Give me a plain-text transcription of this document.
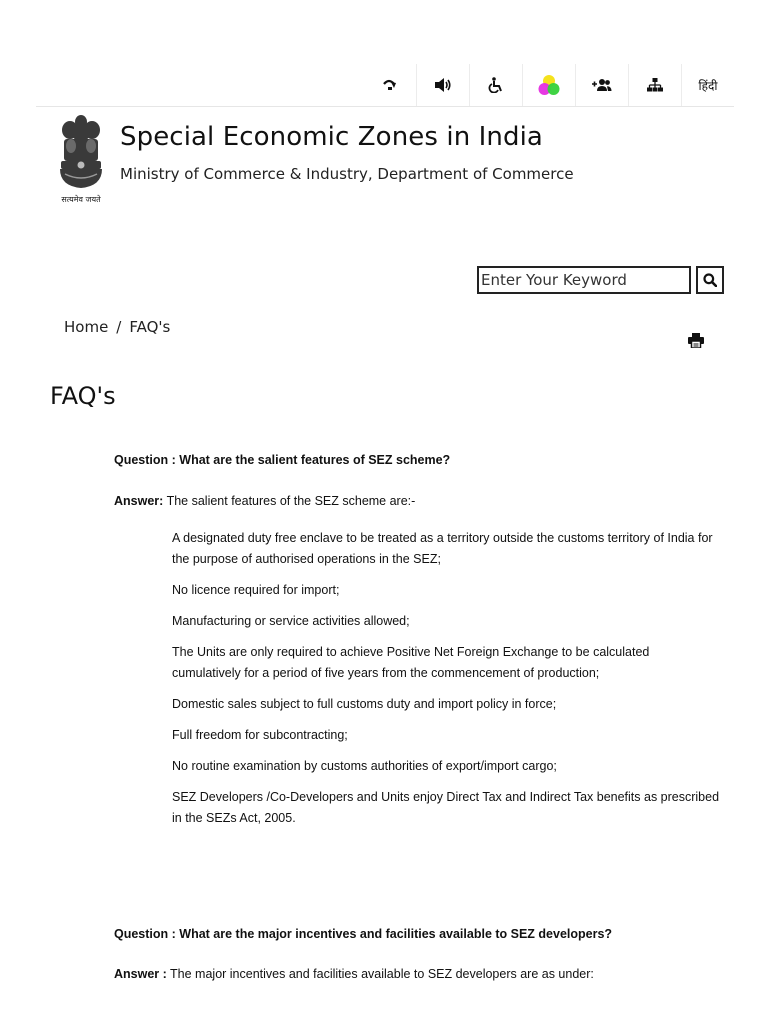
हिंदी
सत्यमेव जयते
Special Economic Zones in India
Ministry of Commerce & Industry, Department of Commerce
Enter Your Keyword
Home / FAQ's
FAQ's

Question : What are the salient features of SEZ scheme?

Answer: The salient features of the SEZ scheme are:-

A designated duty free enclave to be treated as a territory outside the customs territory of India for the purpose of authorised operations in the SEZ;
No licence required for import;
Manufacturing or service activities allowed;
The Units are only required to achieve Positive Net Foreign Exchange to be calculated cumulatively for a period of five years from the commencement of production;
Domestic sales subject to full customs duty and import policy in force;
Full freedom for subcontracting;
No routine examination by customs authorities of export/import cargo;
SEZ Developers /Co-Developers and Units enjoy Direct Tax and Indirect Tax benefits as prescribed in the SEZs Act, 2005.

Question : What are the major incentives and facilities available to SEZ developers?

Answer : The major incentives and facilities available to SEZ developers are as under:
